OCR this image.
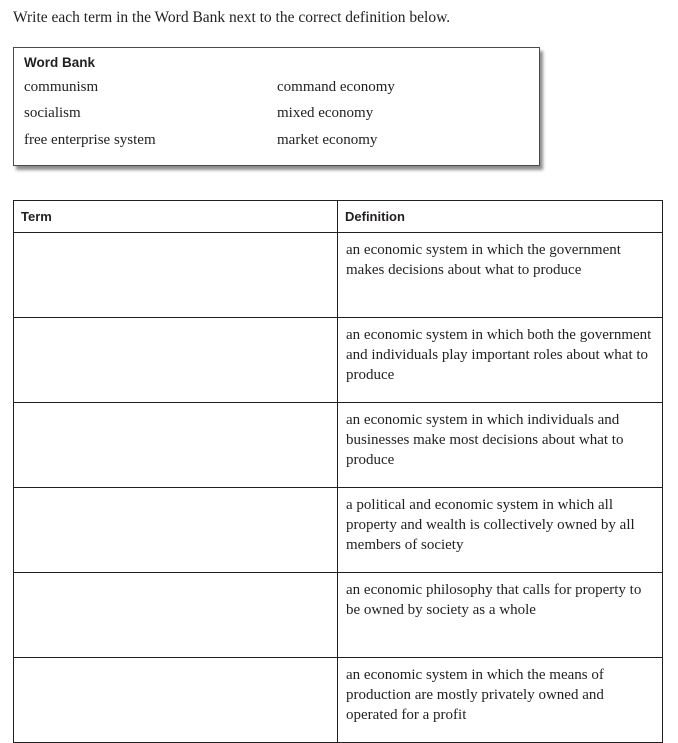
Write each term in the Word Bank next to the correct definition below.
Word Bank
communism
socialism
free enterprise system
command economy
mixed economy
market economy
Term	Definition
	an economic system in which the government makes decisions about what to produce
	an economic system in which both the government and individuals play important roles about what to produce
	an economic system in which individuals and businesses make most decisions about what to produce
	a political and economic system in which all property and wealth is collectively owned by all members of society
	an economic philosophy that calls for property to be owned by society as a whole
	an economic system in which the means of production are mostly privately owned and operated for a profit
